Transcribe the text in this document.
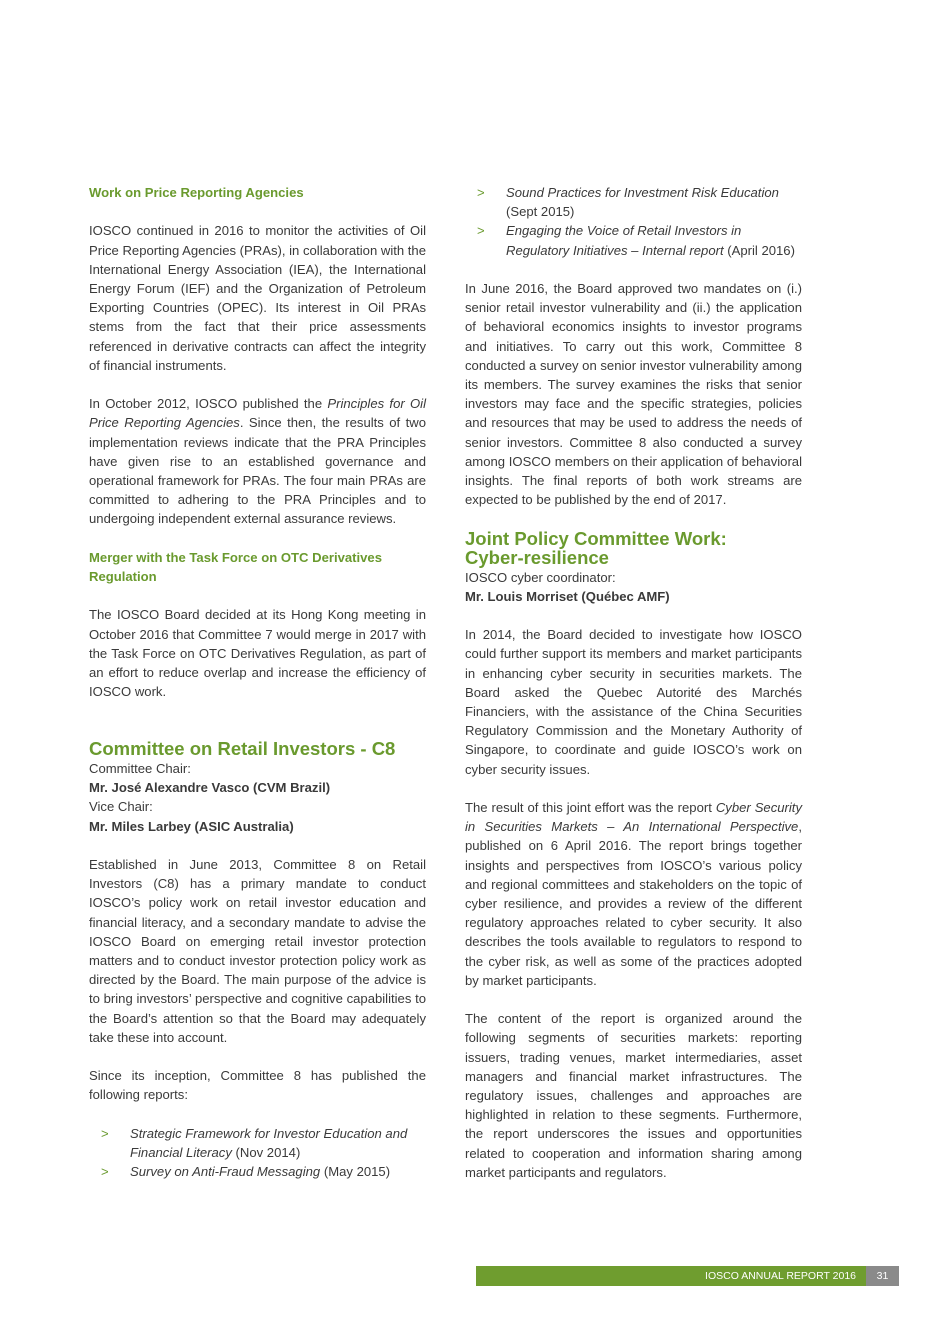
Work on Price Reporting Agencies

IOSCO continued in 2016 to monitor the activities of Oil Price Reporting Agencies (PRAs), in collaboration with the International Energy Association (IEA), the International Energy Forum (IEF) and the Organization of Petroleum Exporting Countries (OPEC). Its interest in Oil PRAs stems from the fact that their price assessments referenced in derivative contracts can affect the integrity of financial instruments.

In October 2012, IOSCO published the Principles for Oil Price Reporting Agencies. Since then, the results of two implementation reviews indicate that the PRA Principles have given rise to an established governance and operational framework for PRAs. The four main PRAs are committed to adhering to the PRA Principles and to undergoing independent external assurance reviews.

Merger with the Task Force on OTC Derivatives Regulation

The IOSCO Board decided at its Hong Kong meeting in October 2016 that Committee 7 would merge in 2017 with the Task Force on OTC Derivatives Regulation, as part of an effort to reduce overlap and increase the efficiency of IOSCO work.

Committee on Retail Investors - C8
Committee Chair:
Mr. José Alexandre Vasco (CVM Brazil)
Vice Chair:
Mr. Miles Larbey (ASIC Australia)

Established in June 2013, Committee 8 on Retail Investors (C8) has a primary mandate to conduct IOSCO’s policy work on retail investor education and financial literacy, and a secondary mandate to advise the IOSCO Board on emerging retail investor protection matters and to conduct investor protection policy work as directed by the Board. The main purpose of the advice is to bring investors’ perspective and cognitive capabilities to the Board’s attention so that the Board may adequately take these into account.

Since its inception, Committee 8 has published the following reports:

> Strategic Framework for Investor Education and Financial Literacy (Nov 2014)
> Survey on Anti-Fraud Messaging (May 2015)
> Sound Practices for Investment Risk Education (Sept 2015)
> Engaging the Voice of Retail Investors in Regulatory Initiatives – Internal report (April 2016)

In June 2016, the Board approved two mandates on (i.) senior retail investor vulnerability and (ii.) the application of behavioral economics insights to investor programs and initiatives. To carry out this work, Committee 8 conducted a survey on senior investor vulnerability among its members. The survey examines the risks that senior investors may face and the specific strategies, policies and resources that may be used to address the needs of senior investors. Committee 8 also conducted a survey among IOSCO members on their application of behavioral insights. The final reports of both work streams are expected to be published by the end of 2017.

Joint Policy Committee Work:
Cyber-resilience
IOSCO cyber coordinator:
Mr. Louis Morriset (Québec AMF)

In 2014, the Board decided to investigate how IOSCO could further support its members and market participants in enhancing cyber security in securities markets. The Board asked the Quebec Autorité des Marchés Financiers, with the assistance of the China Securities Regulatory Commission and the Monetary Authority of Singapore, to coordinate and guide IOSCO’s work on cyber security issues.

The result of this joint effort was the report Cyber Security in Securities Markets – An International Perspective, published on 6 April 2016. The report brings together insights and perspectives from IOSCO’s various policy and regional committees and stakeholders on the topic of cyber resilience, and provides a review of the different regulatory approaches related to cyber security. It also describes the tools available to regulators to respond to the cyber risk, as well as some of the practices adopted by market participants.

The content of the report is organized around the following segments of securities markets: reporting issuers, trading venues, market intermediaries, asset managers and financial market infrastructures. The regulatory issues, challenges and approaches are highlighted in relation to these segments. Furthermore, the report underscores the issues and opportunities related to cooperation and information sharing among market participants and regulators.

IOSCO ANNUAL REPORT 2016	31
